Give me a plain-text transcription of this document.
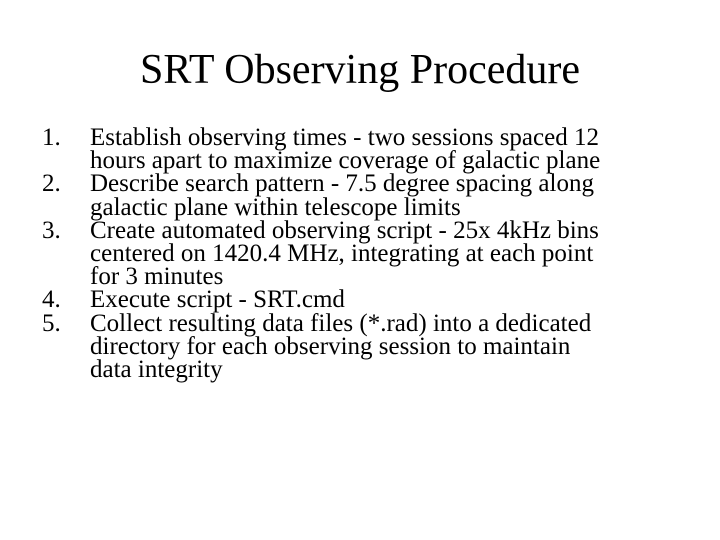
SRT Observing Procedure
1.	Establish observing times - two sessions spaced 12
hours apart to maximize coverage of galactic plane
2.	Describe search pattern - 7.5 degree spacing along
galactic plane within telescope limits
3.	Create automated observing script - 25x 4kHz bins
centered on 1420.4 MHz, integrating at each point
for 3 minutes
4.	Execute script - SRT.cmd
5.	Collect resulting data files (*.rad) into a dedicated
directory for each observing session to maintain
data integrity
